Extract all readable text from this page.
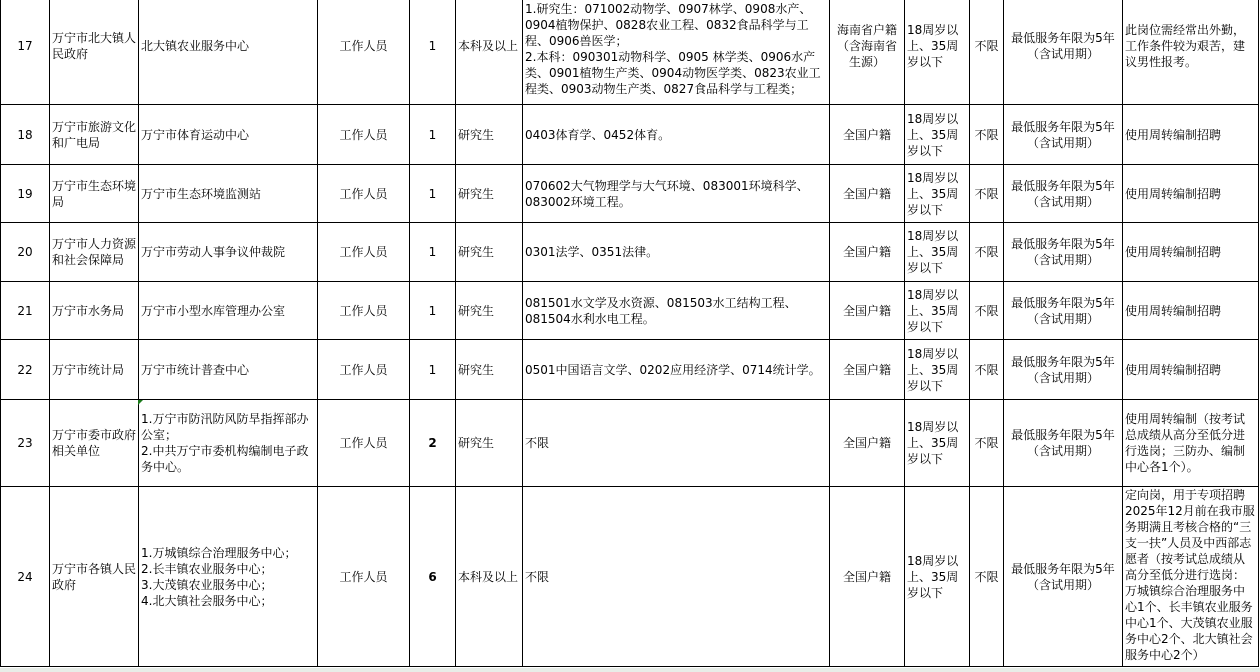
17	万宁市北大镇人民政府	北大镇农业服务中心	工作人员	1	本科及以上	1.研究生：071002动物学、0907林学、0908水产、0904植物保护、0828农业工程、0832食品科学与工程、0906兽医学；
2.本科：090301动物科学、0905 林学类、0906水产类、0901植物生产类、0904动物医学类、0823农业工程类、0903动物生产类、0827食品科学与工程类；	海南省户籍（含海南省生源）	18周岁以上、35周岁以下	不限	最低服务年限为5年（含试用期）	此岗位需经常出外勤，工作条件较为艰苦，建议男性报考。
18	万宁市旅游文化和广电局	万宁市体育运动中心	工作人员	1	研究生	0403体育学、0452体育。	全国户籍	18周岁以上、35周岁以下	不限	最低服务年限为5年（含试用期）	使用周转编制招聘
19	万宁市生态环境局	万宁市生态环境监测站	工作人员	1	研究生	070602大气物理学与大气环境、083001环境科学、083002环境工程。	全国户籍	18周岁以上、35周岁以下	不限	最低服务年限为5年（含试用期）	使用周转编制招聘
20	万宁市人力资源和社会保障局	万宁市劳动人事争议仲裁院	工作人员	1	研究生	0301法学、0351法律。	全国户籍	18周岁以上、35周岁以下	不限	最低服务年限为5年（含试用期）	使用周转编制招聘
21	万宁市水务局	万宁市小型水库管理办公室	工作人员	1	研究生	081501水文学及水资源、081503水工结构工程、081504水利水电工程。	全国户籍	18周岁以上、35周岁以下	不限	最低服务年限为5年（含试用期）	使用周转编制招聘
22	万宁市统计局	万宁市统计普查中心	工作人员	1	研究生	0501中国语言文学、0202应用经济学、0714统计学。	全国户籍	18周岁以上、35周岁以下	不限	最低服务年限为5年（含试用期）	使用周转编制招聘
23	万宁市委市政府相关单位	1.万宁市防汛防风防旱指挥部办公室；
2.中共万宁市委机构编制电子政务中心。	工作人员	2	研究生	不限	全国户籍	18周岁以上、35周岁以下	不限	最低服务年限为5年（含试用期）	使用周转编制（按考试总成绩从高分至低分进行选岗；三防办、编制中心各1个）。
24	万宁市各镇人民政府	1.万城镇综合治理服务中心；
2.长丰镇农业服务中心；
3.大茂镇农业服务中心；
4.北大镇社会服务中心；	工作人员	6	本科及以上	不限	全国户籍	18周岁以上、35周岁以下	不限	最低服务年限为5年（含试用期）	定向岗，用于专项招聘2025年12月前在我市服务期满且考核合格的“三支一扶”人员及中西部志愿者（按考试总成绩从高分至低分进行选岗：万城镇综合治理服务中心1个、长丰镇农业服务中心1个、大茂镇农业服务中心2个、北大镇社会服务中心2个）
